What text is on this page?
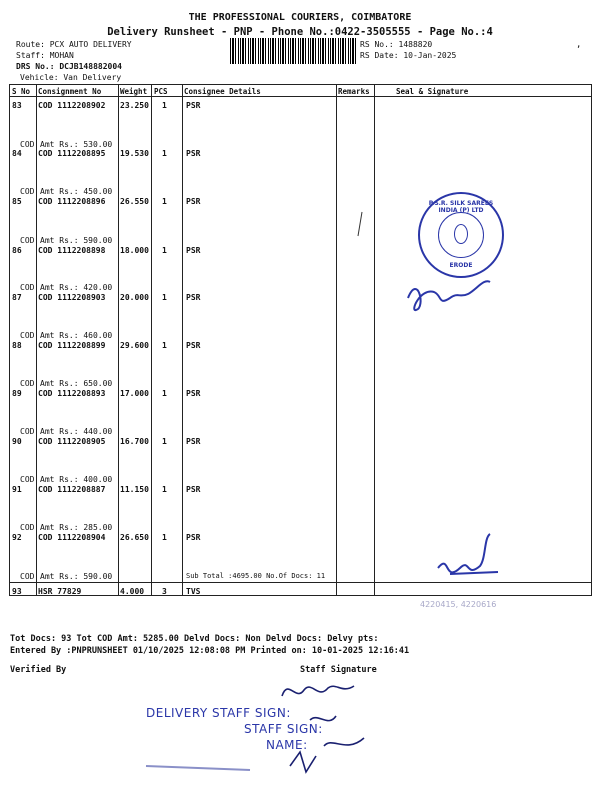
THE PROFESSIONAL COURIERS, COIMBATORE
Delivery Runsheet - PNP - Phone No.:0422-3505555 - Page No.:4
Route: PCX AUTO DELIVERY
Staff: MOHAN
DRS No.: DCJB148882004
Vehicle: Van Delivery
RS No.: 1488820
RS Date: 10-Jan-2025
,
S No Consignment No	Weight PCS Consignee Details	Remarks	Seal & Signature
83 COD 1112208902 23.250 1 PSR
COD Amt Rs.: 530.00
84 COD 1112208895 19.530 1 PSR
COD Amt Rs.: 450.00
85 COD 1112208896 26.550 1 PSR
COD Amt Rs.: 590.00
86 COD 1112208898 18.000 1 PSR
COD Amt Rs.: 420.00
87 COD 1112208903 20.000 1 PSR
COD Amt Rs.: 460.00
88 COD 1112208899 29.600 1 PSR
COD Amt Rs.: 650.00
89 COD 1112208893 17.000 1 PSR
COD Amt Rs.: 440.00
90 COD 1112208905 16.700 1 PSR
COD Amt Rs.: 400.00
91 COD 1112208887 11.150 1 PSR
COD Amt Rs.: 285.00
92 COD 1112208904 26.650 1 PSR
COD Amt Rs.: 590.00	Sub Total :4695.00 No.Of Docs: 11
93 HSR 77829	4.000 3 TVS
P.S.R. SILK SAREES INDIA (P) LTD
ERODE
4220415, 4220616
Tot Docs: 93 Tot COD Amt: 5285.00 Delvd Docs: Non Delvd Docs: Delvy pts:
Entered By :PNPRUNSHEET 01/10/2025 12:08:08 PM Printed on: 10-01-2025 12:16:41
Verified By	Staff Signature
DELIVERY STAFF SIGN:
STAFF SIGN:
NAME:
